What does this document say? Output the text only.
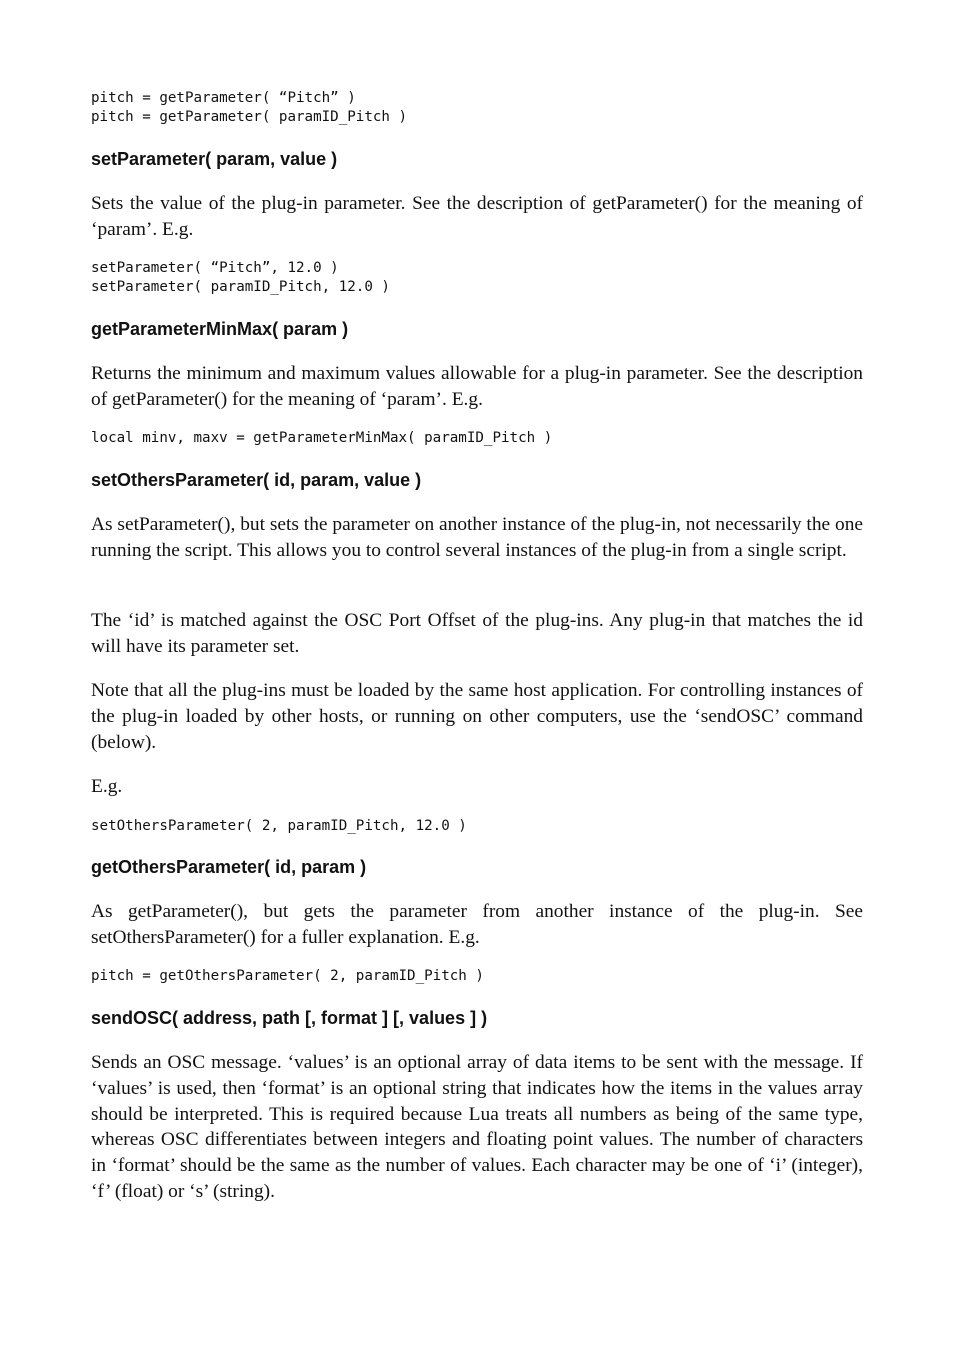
pitch = getParameter( “Pitch” )
pitch = getParameter( paramID_Pitch )
setParameter( param, value )
Sets the value of the plug-in parameter. See the description of getParameter() for the meaning of ‘param’. E.g.
setParameter( “Pitch”, 12.0 )
setParameter( paramID_Pitch, 12.0 )
getParameterMinMax( param )
Returns the minimum and maximum values allowable for a plug-in parameter. See the description of getParameter() for the meaning of ‘param’. E.g.
local minv, maxv = getParameterMinMax( paramID_Pitch )
setOthersParameter( id, param, value )
As setParameter(), but sets the parameter on another instance of the plug-in, not necessarily the one running the script. This allows you to control several instances of the plug-in from a single script.
The ‘id’ is matched against the OSC Port Offset of the plug-ins. Any plug-in that matches the id will have its parameter set.
Note that all the plug-ins must be loaded by the same host application. For controlling instances of the plug-in loaded by other hosts, or running on other computers, use the ‘sendOSC’ command (below).
E.g.
setOthersParameter( 2, paramID_Pitch, 12.0 )
getOthersParameter( id, param )
As getParameter(), but gets the parameter from another instance of the plug-in. See setOthersParameter() for a fuller explanation. E.g.
pitch = getOthersParameter( 2, paramID_Pitch )
sendOSC( address, path [, format ] [, values ] )
Sends an OSC message. ‘values’ is an optional array of data items to be sent with the message. If ‘values’ is used, then ‘format’ is an optional string that indicates how the items in the values array should be interpreted. This is required because Lua treats all numbers as being of the same type, whereas OSC differentiates between integers and floating point values. The number of characters in ‘format’ should be the same as the number of values. Each character may be one of ‘i’ (integer), ‘f’ (float) or ‘s’ (string).
